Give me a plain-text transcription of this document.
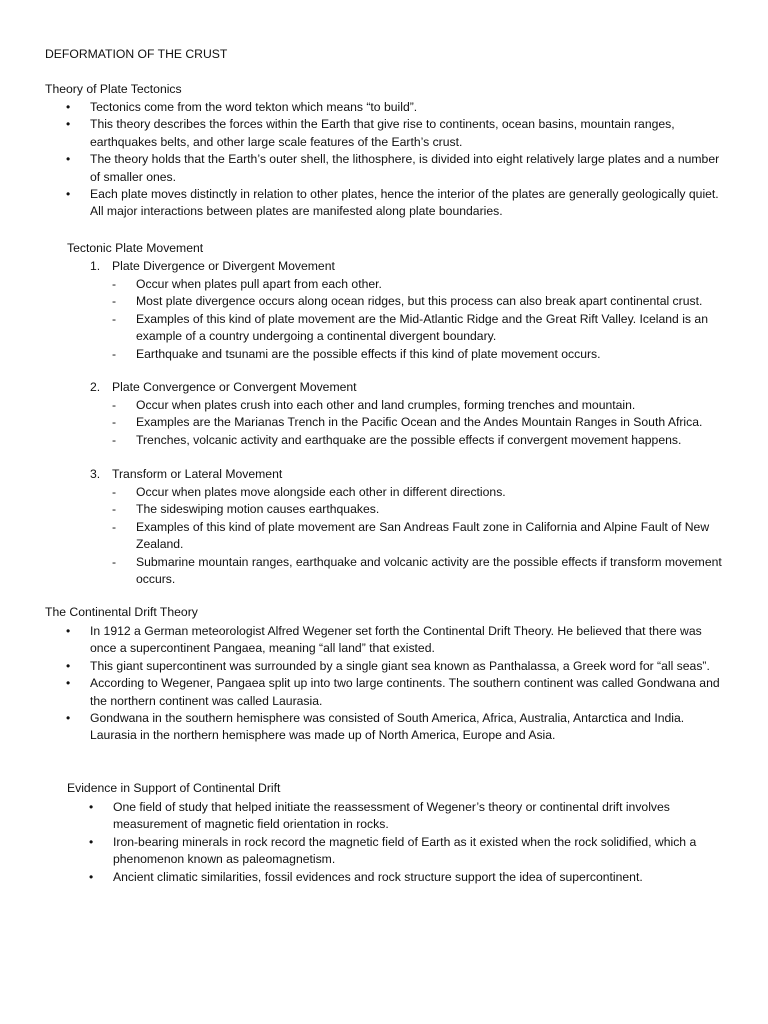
DEFORMATION OF THE CRUST
Theory of Plate Tectonics
• Tectonics come from the word tekton which means “to build”.
• This theory describes the forces within the Earth that give rise to continents, ocean basins, mountain ranges, earthquakes belts, and other large scale features of the Earth’s crust.
• The theory holds that the Earth’s outer shell, the lithosphere, is divided into eight relatively large plates and a number of smaller ones.
• Each plate moves distinctly in relation to other plates, hence the interior of the plates are generally geologically quiet. All major interactions between plates are manifested along plate boundaries.
Tectonic Plate Movement
1. Plate Divergence or Divergent Movement
- Occur when plates pull apart from each other.
- Most plate divergence occurs along ocean ridges, but this process can also break apart continental crust.
- Examples of this kind of plate movement are the Mid-Atlantic Ridge and the Great Rift Valley. Iceland is an example of a country undergoing a continental divergent boundary.
- Earthquake and tsunami are the possible effects if this kind of plate movement occurs.
2. Plate Convergence or Convergent Movement
- Occur when plates crush into each other and land crumples, forming trenches and mountain.
- Examples are the Marianas Trench in the Pacific Ocean and the Andes Mountain Ranges in South Africa.
- Trenches, volcanic activity and earthquake are the possible effects if convergent movement happens.
3. Transform or Lateral Movement
- Occur when plates move alongside each other in different directions.
- The sideswiping motion causes earthquakes.
- Examples of this kind of plate movement are San Andreas Fault zone in California and Alpine Fault of New Zealand.
- Submarine mountain ranges, earthquake and volcanic activity are the possible effects if transform movement occurs.
The Continental Drift Theory
• In 1912 a German meteorologist Alfred Wegener set forth the Continental Drift Theory. He believed that there was once a supercontinent Pangaea, meaning “all land” that existed.
• This giant supercontinent was surrounded by a single giant sea known as Panthalassa, a Greek word for “all seas”.
• According to Wegener, Pangaea split up into two large continents. The southern continent was called Gondwana and the northern continent was called Laurasia.
• Gondwana in the southern hemisphere was consisted of South America, Africa, Australia, Antarctica and India. Laurasia in the northern hemisphere was made up of North America, Europe and Asia.
Evidence in Support of Continental Drift
• One field of study that helped initiate the reassessment of Wegener’s theory or continental drift involves measurement of magnetic field orientation in rocks.
• Iron-bearing minerals in rock record the magnetic field of Earth as it existed when the rock solidified, which a phenomenon known as paleomagnetism.
• Ancient climatic similarities, fossil evidences and rock structure support the idea of supercontinent.
